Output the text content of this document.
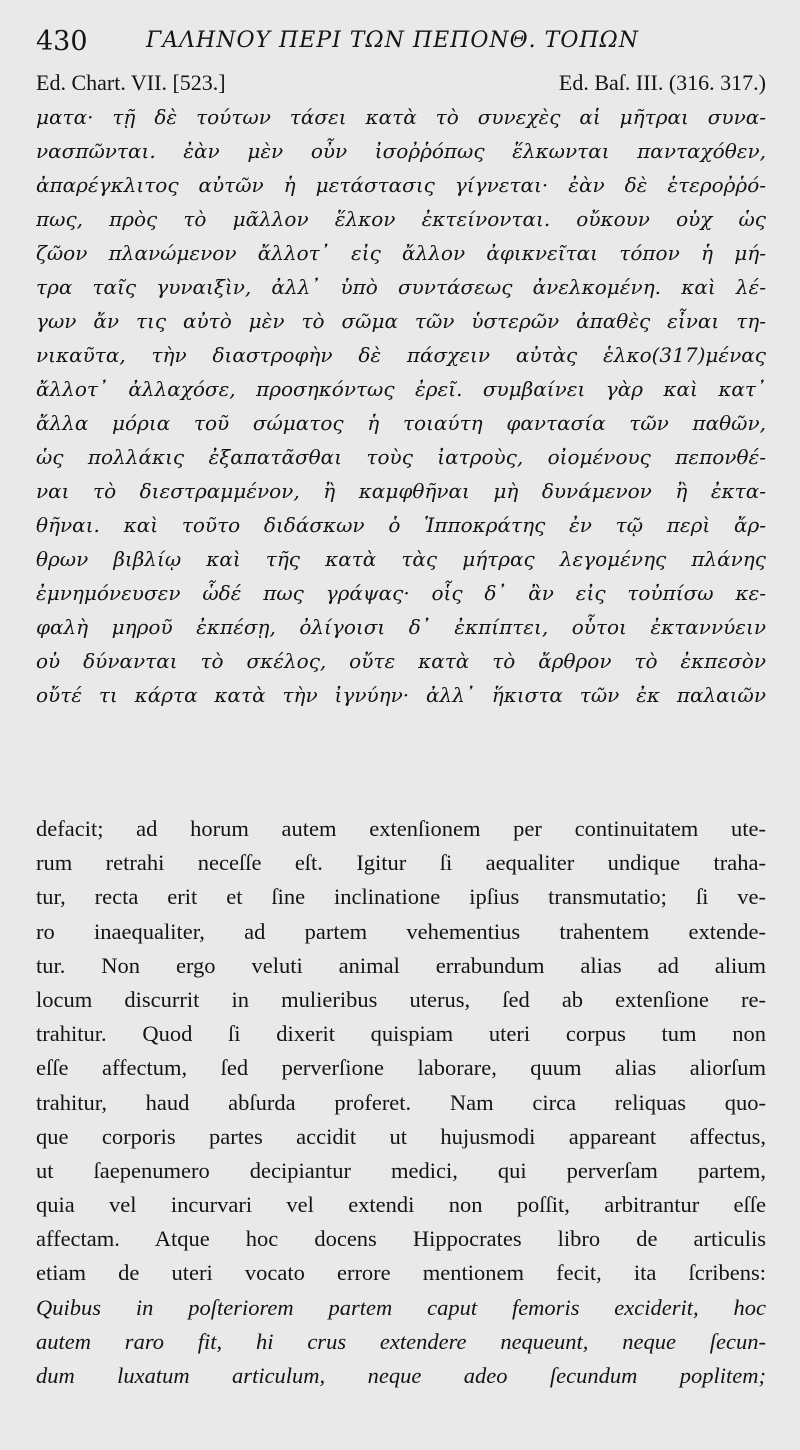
430	ΓΑΛΗΝΟΥ ΠΕΡΙ ΤΩΝ ΠΕΠΟΝΘ. ΤΟΠΩΝ
Ed. Chart. VII. [523.]	Ed. Baſ. III. (316. 317.)
ματα· τῇ δὲ τούτων τάσει κατὰ τὸ συνεχὲς αἱ μῆτραι συνα-
νασπῶνται. ἐὰν μὲν οὖν ἰσοῤῥόπως ἕλκωνται πανταχόθεν,
ἀπαρέγκλιτος αὐτῶν ἡ μετάστασις γίγνεται· ἐὰν δὲ ἑτεροῤῥό-
πως, πρὸς τὸ μᾶλλον ἕλκον ἐκτείνονται. οὔκουν οὐχ ὡς
ζῶον πλανώμενον ἄλλοτ᾽ εἰς ἄλλον ἀφικνεῖται τόπον ἡ μή-
τρα ταῖς γυναιξὶν, ἀλλ᾽ ὑπὸ συντάσεως ἀνελκομένη. καὶ λέ-
γων ἄν τις αὐτὸ μὲν τὸ σῶμα τῶν ὑστερῶν ἀπαθὲς εἶναι τη-
νικαῦτα, τὴν διαστροφὴν δὲ πάσχειν αὐτὰς ἑλκο(317)μένας
ἄλλοτ᾽ ἀλλαχόσε, προσηκόντως ἐρεῖ. συμβαίνει γὰρ καὶ κατ᾽
ἄλλα μόρια τοῦ σώματος ἡ τοιαύτη φαντασία τῶν παθῶν,
ὡς πολλάκις ἐξαπατᾶσθαι τοὺς ἰατροὺς, οἰομένους πεπονθέ-
ναι τὸ διεστραμμένον, ἢ καμφθῆναι μὴ δυνάμενον ἢ ἐκτα-
θῆναι. καὶ τοῦτο διδάσκων ὁ Ἱπποκράτης ἐν τῷ περὶ ἄρ-
θρων βιβλίῳ καὶ τῆς κατὰ τὰς μήτρας λεγομένης πλάνης
ἐμνημόνευσεν ὧδέ πως γράψας· οἷς δ᾽ ἂν εἰς τοὐπίσω κε-
φαλὴ μηροῦ ἐκπέσῃ, ὀλίγοισι δ᾽ ἐκπίπτει, οὗτοι ἐκταννύειν
οὐ δύνανται τὸ σκέλος, οὔτε κατὰ τὸ ἄρθρον τὸ ἐκπεσὸν
οὔτέ τι κάρτα κατὰ τὴν ἰγνύην· ἀλλ᾽ ἥκιστα τῶν ἐκ παλαιῶν
defacit; ad horum autem extenſionem per continuitatem ute-
rum retrahi neceſſe eſt. Igitur ſi aequaliter undique traha-
tur, recta erit et ſine inclinatione ipſius transmutatio; ſi ve-
ro inaequaliter, ad partem vehementius trahentem extende-
tur. Non ergo veluti animal errabundum alias ad alium
locum discurrit in mulieribus uterus, ſed ab extenſione re-
trahitur. Quod ſi dixerit quispiam uteri corpus tum non
eſſe affectum, ſed perverſione laborare, quum alias aliorſum
trahitur, haud abſurda proferet. Nam circa reliquas quo-
que corporis partes accidit ut hujusmodi appareant affectus,
ut ſaepenumero decipiantur medici, qui perverſam partem,
quia vel incurvari vel extendi non poſſit, arbitrantur eſſe
affectam. Atque hoc docens Hippocrates libro de articulis
etiam de uteri vocato errore mentionem fecit, ita ſcribens:
Quibus in poſteriorem partem caput femoris exciderit, hoc
autem raro fit, hi crus extendere nequeunt, neque ſecun-
dum luxatum articulum, neque adeo ſecundum poplitem;
